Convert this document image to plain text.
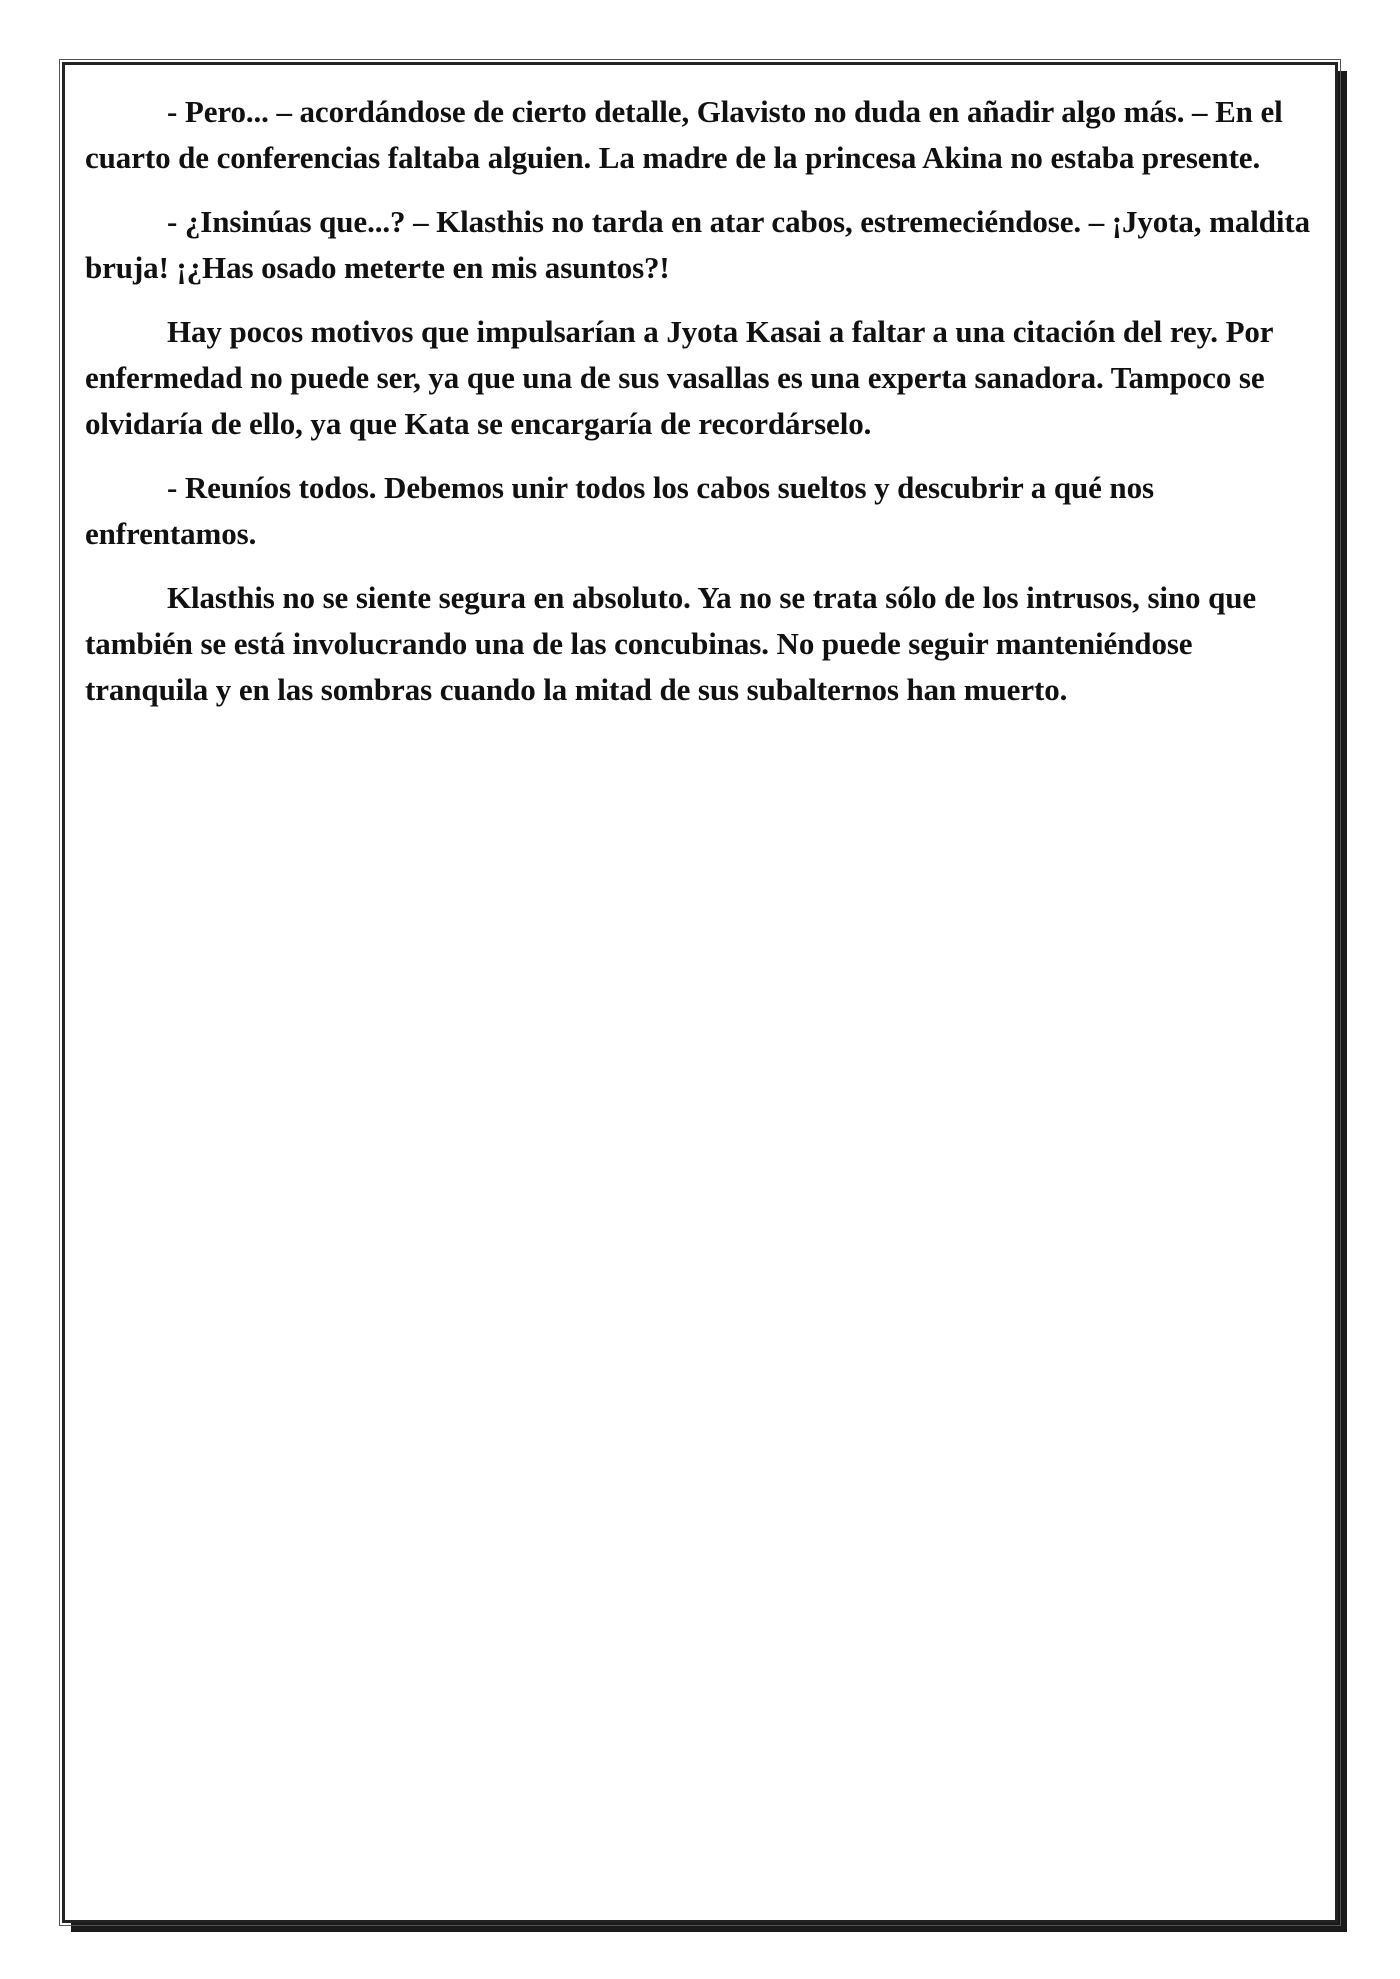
- Pero... – acordándose de cierto detalle, Glavisto no duda en añadir algo más. – En el cuarto de conferencias faltaba alguien. La madre de la princesa Akina no estaba presente.

- ¿Insinúas que...? – Klasthis no tarda en atar cabos, estremeciéndose. – ¡Jyota, maldita bruja! ¡¿Has osado meterte en mis asuntos?!

Hay pocos motivos que impulsarían a Jyota Kasai a faltar a una citación del rey. Por enfermedad no puede ser, ya que una de sus vasallas es una experta sanadora. Tampoco se olvidaría de ello, ya que Kata se encargaría de recordárselo.

- Reuníos todos. Debemos unir todos los cabos sueltos y descubrir a qué nos enfrentamos.

Klasthis no se siente segura en absoluto. Ya no se trata sólo de los intrusos, sino que también se está involucrando una de las concubinas. No puede seguir manteniéndose tranquila y en las sombras cuando la mitad de sus subalternos han muerto.
